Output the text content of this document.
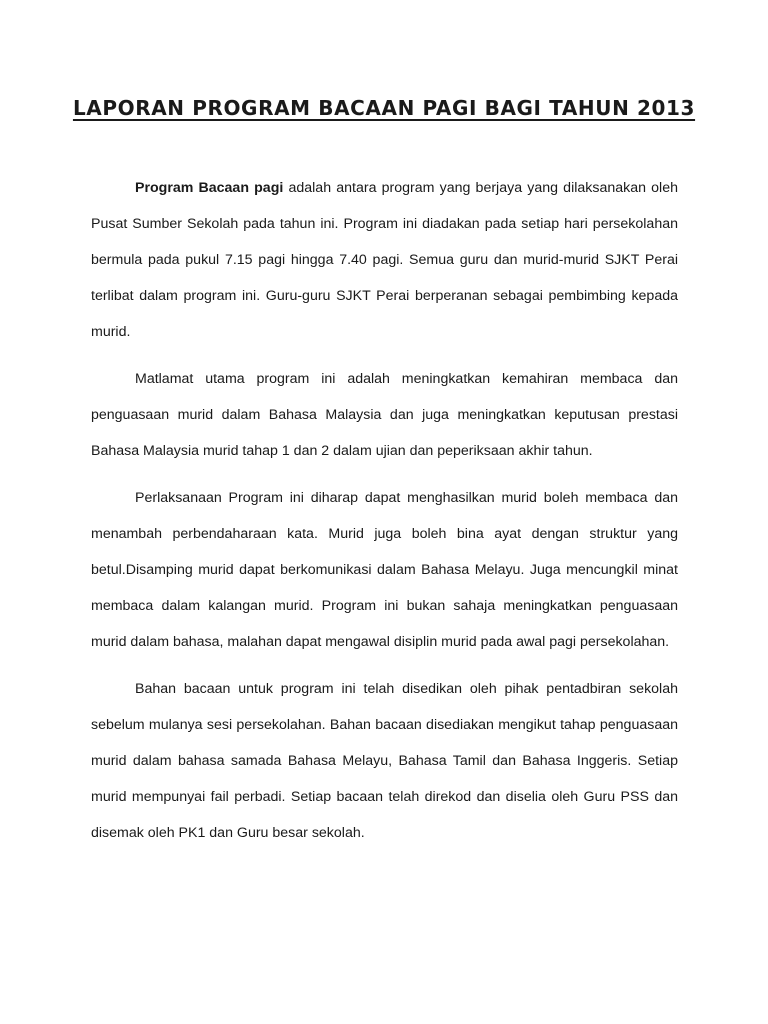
LAPORAN PROGRAM BACAAN PAGI BAGI TAHUN 2013

Program Bacaan pagi adalah antara program yang berjaya yang dilaksanakan oleh Pusat Sumber Sekolah pada tahun ini. Program ini diadakan pada setiap hari persekolahan bermula pada pukul 7.15 pagi hingga 7.40 pagi. Semua guru dan murid-murid SJKT Perai terlibat dalam program ini. Guru-guru SJKT Perai berperanan sebagai pembimbing kepada murid.

Matlamat utama program ini adalah meningkatkan kemahiran membaca dan penguasaan murid dalam Bahasa Malaysia dan juga meningkatkan keputusan prestasi Bahasa Malaysia murid tahap 1 dan 2 dalam ujian dan peperiksaan akhir tahun.

Perlaksanaan Program ini diharap dapat menghasilkan murid boleh membaca dan menambah perbendaharaan kata. Murid juga boleh bina ayat dengan struktur yang betul.Disamping murid dapat berkomunikasi dalam Bahasa Melayu. Juga mencungkil minat membaca dalam kalangan murid. Program ini bukan sahaja meningkatkan penguasaan murid dalam bahasa, malahan dapat mengawal disiplin murid pada awal pagi persekolahan.

Bahan bacaan untuk program ini telah disedikan oleh pihak pentadbiran sekolah sebelum mulanya sesi persekolahan. Bahan bacaan disediakan mengikut tahap penguasaan murid dalam bahasa samada Bahasa Melayu, Bahasa Tamil dan Bahasa Inggeris. Setiap murid mempunyai fail perbadi. Setiap bacaan telah direkod dan diselia oleh Guru PSS dan disemak oleh PK1 dan Guru besar sekolah.
